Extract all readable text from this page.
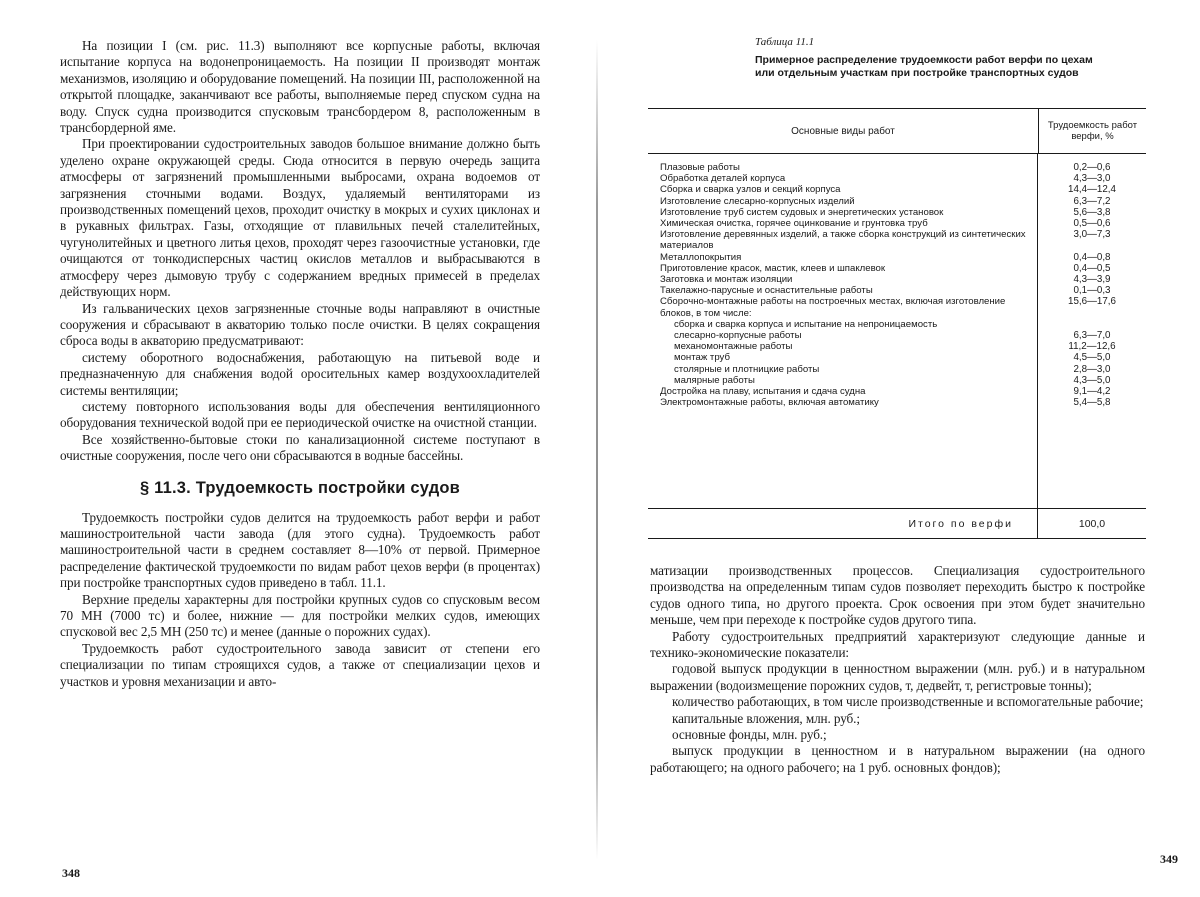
На позиции I (см. рис. 11.3) выполняют все корпусные работы, включая испытание корпуса на водонепроницаемость. На позиции II производят монтаж механизмов, изоляцию и оборудование помещений. На позиции III, расположенной на открытой площадке, заканчивают все работы, выполняемые перед спуском судна на воду. Спуск судна производится спусковым трансбордером 8, расположенным в трансбордерной яме.

При проектировании судостроительных заводов большое внимание должно быть уделено охране окружающей среды. Сюда относится в первую очередь защита атмосферы от загрязнений промышленными выбросами, охрана водоемов от загрязнения сточными водами. Воздух, удаляемый вентиляторами из производственных помещений цехов, проходит очистку в мокрых и сухих циклонах и в рукавных фильтрах. Газы, отходящие от плавильных печей сталелитейных, чугунолитейных и цветного литья цехов, проходят через газоочистные установки, где очищаются от тонкодисперсных частиц окислов металлов и выбрасываются в атмосферу через дымовую трубу с содержанием вредных примесей в пределах действующих норм.

Из гальванических цехов загрязненные сточные воды направляют в очистные сооружения и сбрасывают в акваторию только после очистки. В целях сокращения сброса воды в акваторию предусматривают:

систему оборотного водоснабжения, работающую на питьевой воде и предназначенную для снабжения водой оросительных камер воздухоохладителей системы вентиляции;

систему повторного использования воды для обеспечения вентиляционного оборудования технической водой при ее периодической очистке на очистной станции.

Все хозяйственно-бытовые стоки по канализационной системе поступают в очистные сооружения, после чего они сбрасываются в водные бассейны.

§ 11.3. Трудоемкость постройки судов

Трудоемкость постройки судов делится на трудоемкость работ верфи и работ машиностроительной части завода (для этого судна). Трудоемкость работ машиностроительной части в среднем составляет 8—10% от первой. Примерное распределение фактической трудоемкости по видам работ цехов верфи (в процентах) при постройке транспортных судов приведено в табл. 11.1.

Верхние пределы характерны для постройки крупных судов со спусковым весом 70 МН (7000 тс) и более, нижние — для постройки мелких судов, имеющих спусковой вес 2,5 МН (250 тс) и менее (данные о порожних судах).

Трудоемкость работ судостроительного завода зависит от степени его специализации по типам строящихся судов, а также от специализации цехов и участков и уровня механизации и авто-

348
Таблица 11.1
Примерное распределение трудоемкости работ верфи по цехам или отдельным участкам при постройке транспортных судов
Основные виды работ	Трудоемкость работ верфи, %
Плазовые работы
Обработка деталей корпуса
Сборка и сварка узлов и секций корпуса
Изготовление слесарно-корпусных изделий
Изготовление труб систем судовых и энергетических установок
Химическая очистка, горячее оцинкование и грунтовка труб
Изготовление деревянных изделий, а также сборка конструкций из синтетических материалов
Металлопокрытия
Приготовление красок, мастик, клеев и шпаклевок
Заготовка и монтаж изоляции
Такелажно-парусные и оснастительные работы
Сборочно-монтажные работы на построечных местах, включая изготовление блоков, в том числе:
сборка и сварка корпуса и испытание на непроницаемость
слесарно-корпусные работы
механомонтажные работы
монтаж труб
столярные и плотницкие работы
малярные работы
Достройка на плаву, испытания и сдача судна
Электромонтажные работы, включая автоматику
0,2—0,6
4,3—3,0
14,4—12,4
6,3—7,2
5,6—3,8
0,5—0,6
3,0—7,3
0,4—0,8
0,4—0,5
4,3—3,9
0,1—0,3
15,6—17,6
6,3—7,0
11,2—12,6
4,5—5,0
2,8—3,0
4,3—5,0
9,1—4,2
5,4—5,8
Итого по верфи	100,0

матизации производственных процессов. Специализация судостроительного производства на определенным типам судов позволяет переходить быстро к постройке судов одного типа, но другого проекта. Срок освоения при этом будет значительно меньше, чем при переходе к постройке судов другого типа.

Работу судостроительных предприятий характеризуют следующие данные и технико-экономические показатели:

годовой выпуск продукции в ценностном выражении (млн. руб.) и в натуральном выражении (водоизмещение порожних судов, т, дедвейт, т, регистровые тонны);

количество работающих, в том числе производственные и вспомогательные рабочие;

капитальные вложения, млн. руб.;

основные фонды, млн. руб.;

выпуск продукции в ценностном и в натуральном выражении (на одного работающего; на одного рабочего; на 1 руб. основных фондов);

349
